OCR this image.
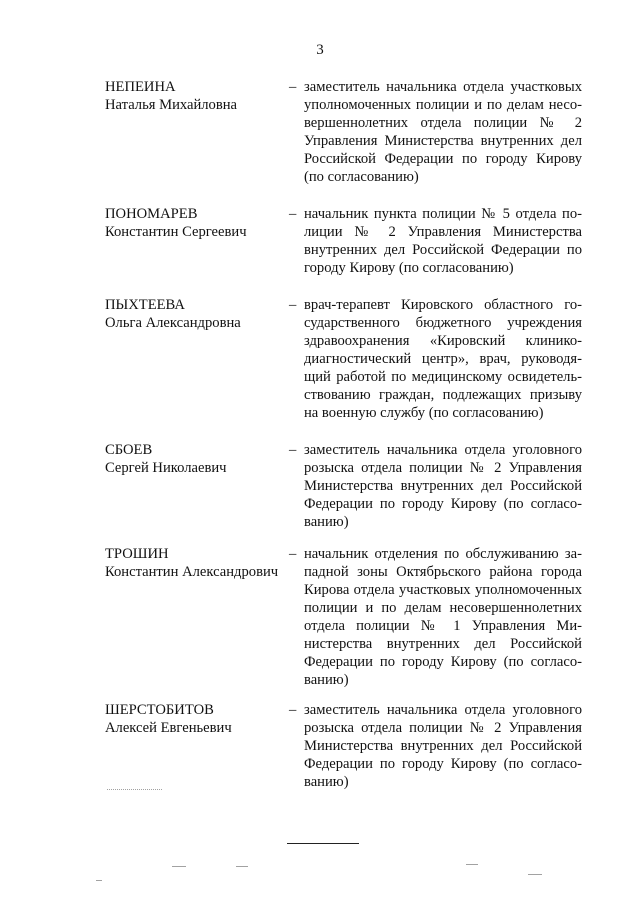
3
НЕПЕИНА
Наталья Михайловна
– заместитель начальника отдела участковых уполномоченных полиции и по делам несовершеннолетних отдела полиции № 2 Управления Министерства внутренних дел Российской Федерации по городу Кирову (по согласованию)
ПОНОМАРЕВ
Константин Сергеевич
– начальник пункта полиции № 5 отдела полиции № 2 Управления Министерства внутренних дел Российской Федерации по городу Кирову (по согласованию)
ПЫХТЕЕВА
Ольга Александровна
– врач-терапевт Кировского областного государственного бюджетного учреждения здравоохранения «Кировский клинико-диагностический центр», врач, руководящий работой по медицинскому освидетельствованию граждан, подлежащих призыву на военную службу (по согласованию)
СБОЕВ
Сергей Николаевич
– заместитель начальника отдела уголовного розыска отдела полиции № 2 Управления Министерства внутренних дел Российской Федерации по городу Кирову (по согласованию)
ТРОШИН
Константин Александрович
– начальник отделения по обслуживанию западной зоны Октябрьского района города Кирова отдела участковых уполномоченных полиции и по делам несовершеннолетних отдела полиции № 1 Управления Министерства внутренних дел Российской Федерации по городу Кирову (по согласованию)
ШЕРСТОБИТОВ
Алексей Евгеньевич
– заместитель начальника отдела уголовного розыска отдела полиции № 2 Управления Министерства внутренних дел Российской Федерации по городу Кирову (по согласованию)
